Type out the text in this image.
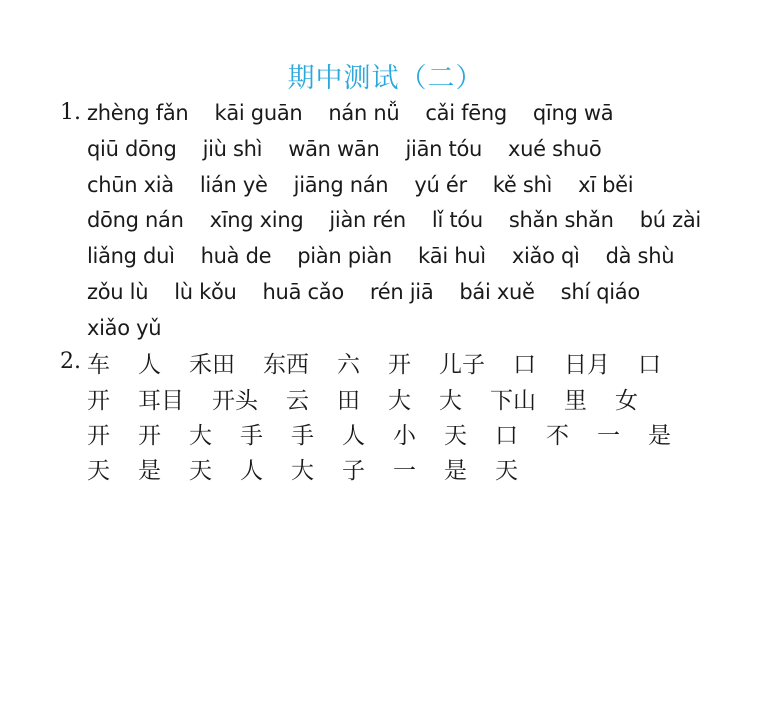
期中测试（二）
1. zhèng fǎn kāi guān nán nǚ cǎi fēng qīng wā
qiū dōng jiù shì wān wān jiān tóu xué shuō
chūn xià lián yè jiāng nán yú ér kě shì xī běi
dōng nán xīng xing jiàn rén lǐ tóu shǎn shǎn bú zài
liǎng duì huà de piàn piàn kāi huì xiǎo qì dà shù
zǒu lù lù kǒu huā cǎo rén jiā bái xuě shí qiáo
xiǎo yǔ
2. 车 人 禾田 东西 六 开 儿子 口 日月 口
开 耳目 开头 云 田 大 大 下山 里 女
开 开 大 手 手 人 小 天 口 不 一 是
天 是 天 人 大 子 一 是 天
